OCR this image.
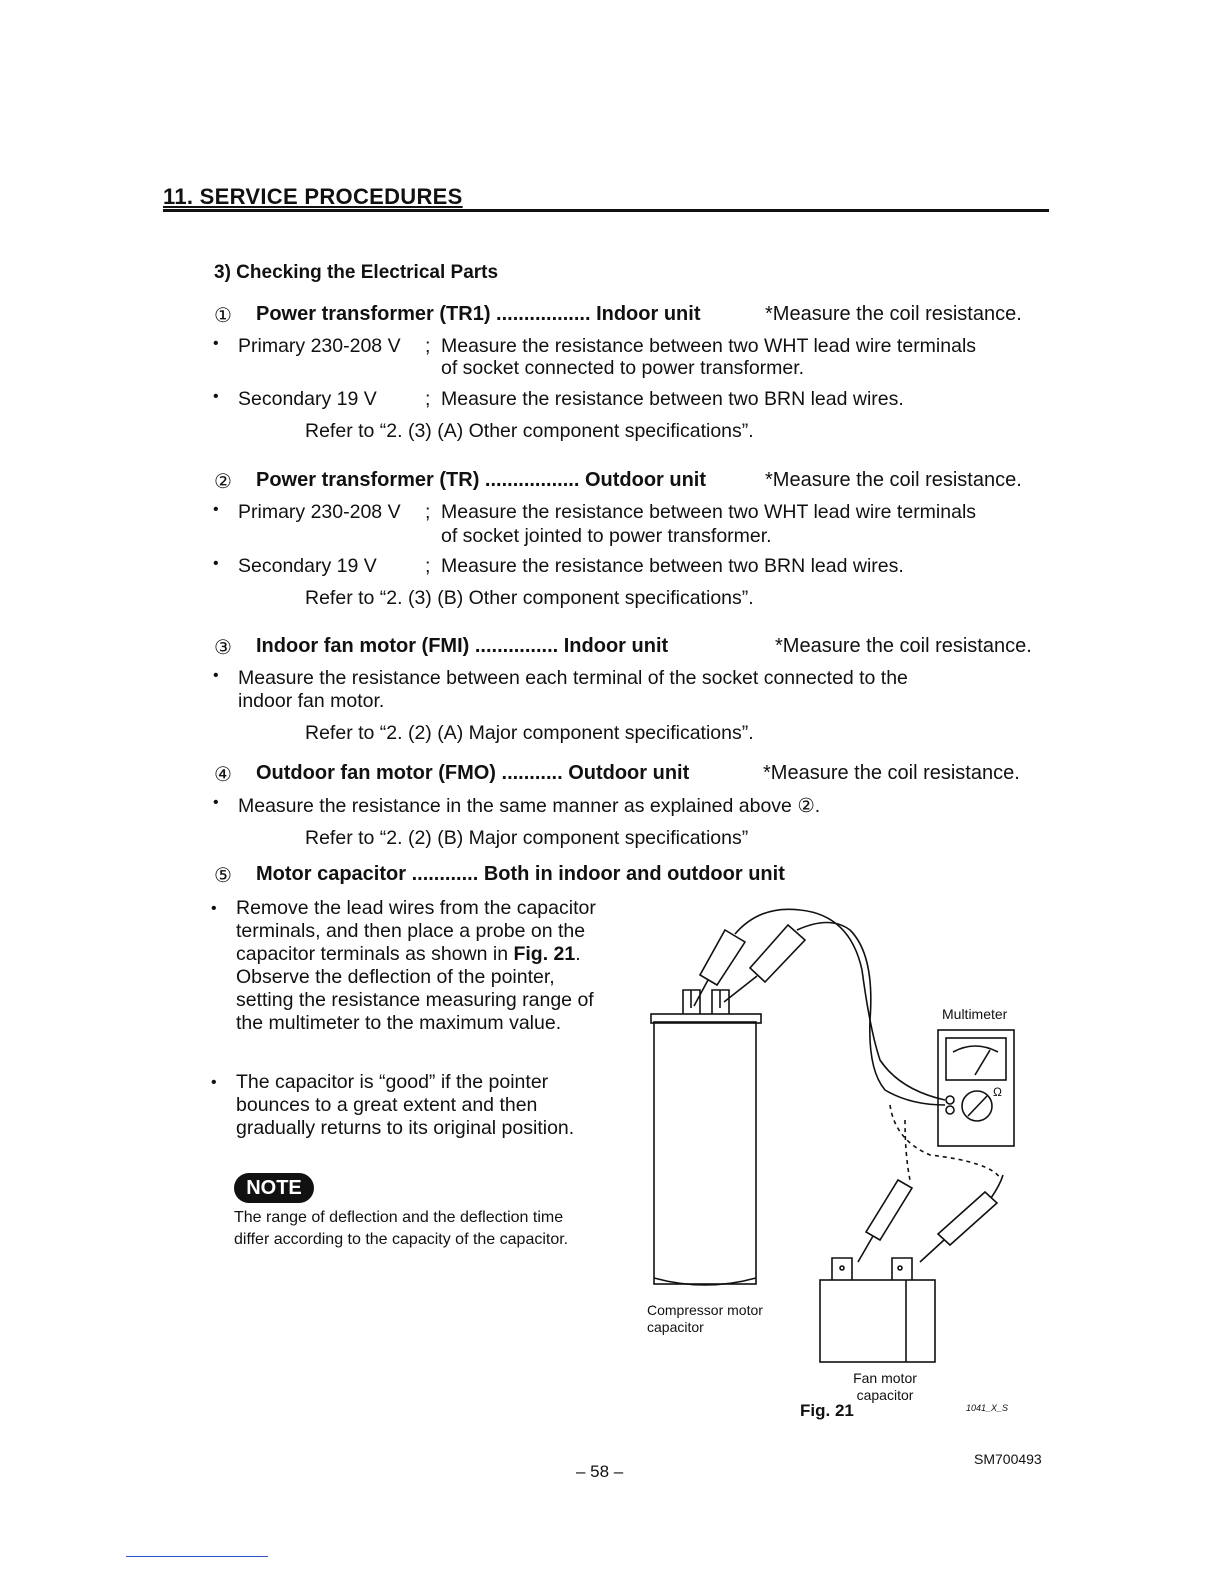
11. SERVICE PROCEDURES
3) Checking the Electrical Parts
① Power transformer (TR1) ................. Indoor unit	*Measure the coil resistance.
• Primary 230-208 V ; Measure the resistance between two WHT lead wire terminals
of socket connected to power transformer.
• Secondary 19 V ; Measure the resistance between two BRN lead wires.
Refer to “2. (3) (A) Other component specifications”.
② Power transformer (TR) ................. Outdoor unit	*Measure the coil resistance.
• Primary 230-208 V ; Measure the resistance between two WHT lead wire terminals
of socket jointed to power transformer.
• Secondary 19 V ; Measure the resistance between two BRN lead wires.
Refer to “2. (3) (B) Other component specifications”.
③ Indoor fan motor (FMI) ............... Indoor unit	*Measure the coil resistance.
• Measure the resistance between each terminal of the socket connected to the
indoor fan motor.
Refer to “2. (2) (A) Major component specifications”.
④ Outdoor fan motor (FMO) ........... Outdoor unit	*Measure the coil resistance.
• Measure the resistance in the same manner as explained above ②.
Refer to “2. (2) (B) Major component specifications”
⑤ Motor capacitor ............ Both in indoor and outdoor unit
• Remove the lead wires from the capacitor terminals, and then place a probe on the capacitor terminals as shown in Fig. 21. Observe the deflection of the pointer, setting the resistance measuring range of the multimeter to the maximum value.
• The capacitor is “good” if the pointer bounces to a great extent and then gradually returns to its original position.
NOTE
The range of deflection and the deflection time differ according to the capacity of the capacitor.
Ω
Multimeter
Compressor motor capacitor
Fan motor capacitor
Fig. 21	1041_X_S
– 58 –
SM700493
